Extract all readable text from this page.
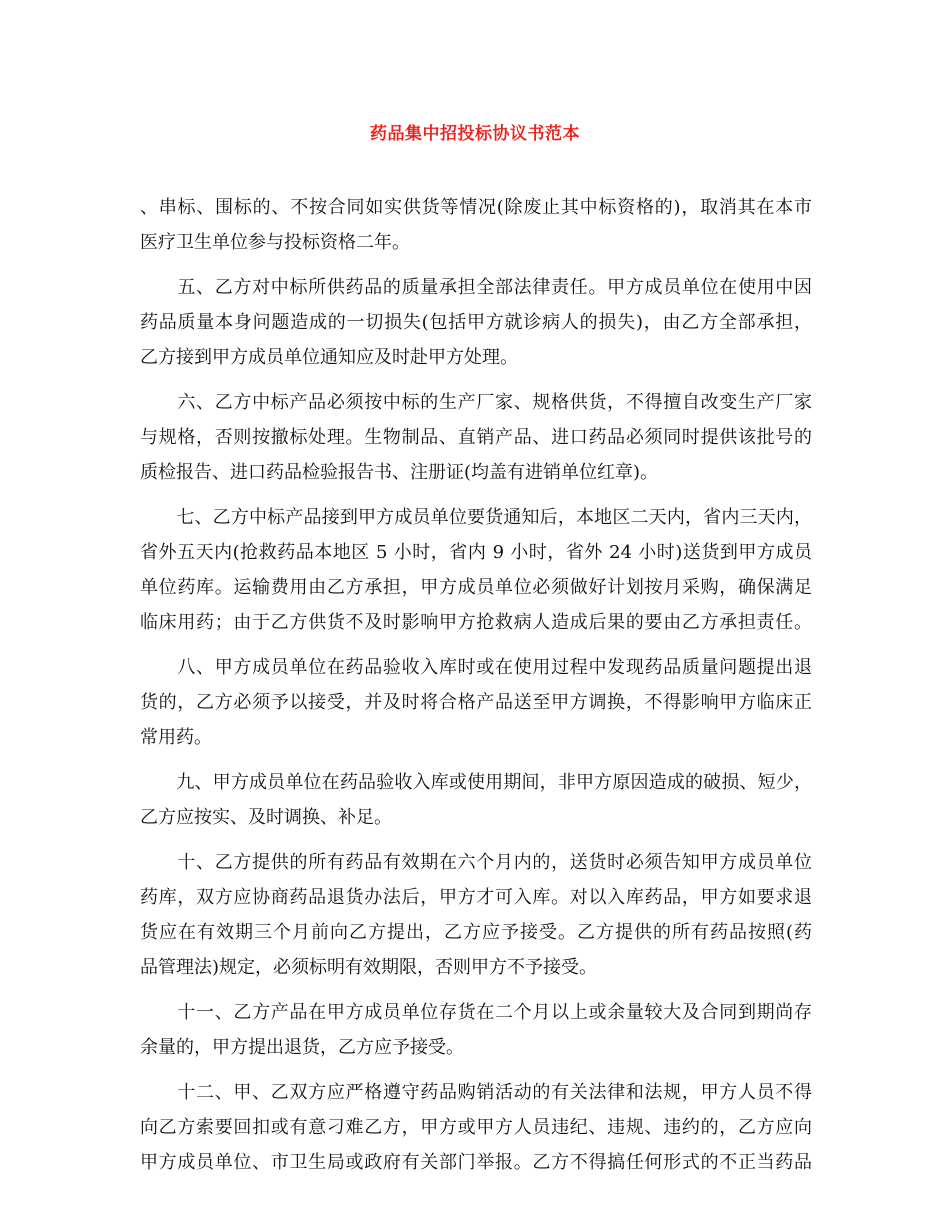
药品集中招投标协议书范本
、串标、围标的、不按合同如实供货等情况(除废止其中标资格的)，取消其在本市
医疗卫生单位参与投标资格二年。
　　五、乙方对中标所供药品的质量承担全部法律责任。甲方成员单位在使用中因
药品质量本身问题造成的一切损失(包括甲方就诊病人的损失)，由乙方全部承担，
乙方接到甲方成员单位通知应及时赴甲方处理。
　　六、乙方中标产品必须按中标的生产厂家、规格供货，不得擅自改变生产厂家
与规格，否则按撤标处理。生物制品、直销产品、进口药品必须同时提供该批号的
质检报告、进口药品检验报告书、注册证(均盖有进销单位红章)。
　　七、乙方中标产品接到甲方成员单位要货通知后，本地区二天内，省内三天内，
省外五天内(抢救药品本地区 5 小时，省内 9 小时，省外 24 小时)送货到甲方成员
单位药库。运输费用由乙方承担，甲方成员单位必须做好计划按月采购，确保满足
临床用药；由于乙方供货不及时影响甲方抢救病人造成后果的要由乙方承担责任。
　　八、甲方成员单位在药品验收入库时或在使用过程中发现药品质量问题提出退
货的，乙方必须予以接受，并及时将合格产品送至甲方调换，不得影响甲方临床正
常用药。
　　九、甲方成员单位在药品验收入库或使用期间，非甲方原因造成的破损、短少，
乙方应按实、及时调换、补足。
　　十、乙方提供的所有药品有效期在六个月内的，送货时必须告知甲方成员单位
药库，双方应协商药品退货办法后，甲方才可入库。对以入库药品，甲方如要求退
货应在有效期三个月前向乙方提出，乙方应予接受。乙方提供的所有药品按照(药
品管理法)规定，必须标明有效期限，否则甲方不予接受。
　　十一、乙方产品在甲方成员单位存货在二个月以上或余量较大及合同到期尚存
余量的，甲方提出退货，乙方应予接受。
　　十二、甲、乙双方应严格遵守药品购销活动的有关法律和法规，甲方人员不得
向乙方索要回扣或有意刁难乙方，甲方或甲方人员违纪、违规、违约的，乙方应向
甲方成员单位、市卫生局或政府有关部门举报。乙方不得搞任何形式的不正当药品
